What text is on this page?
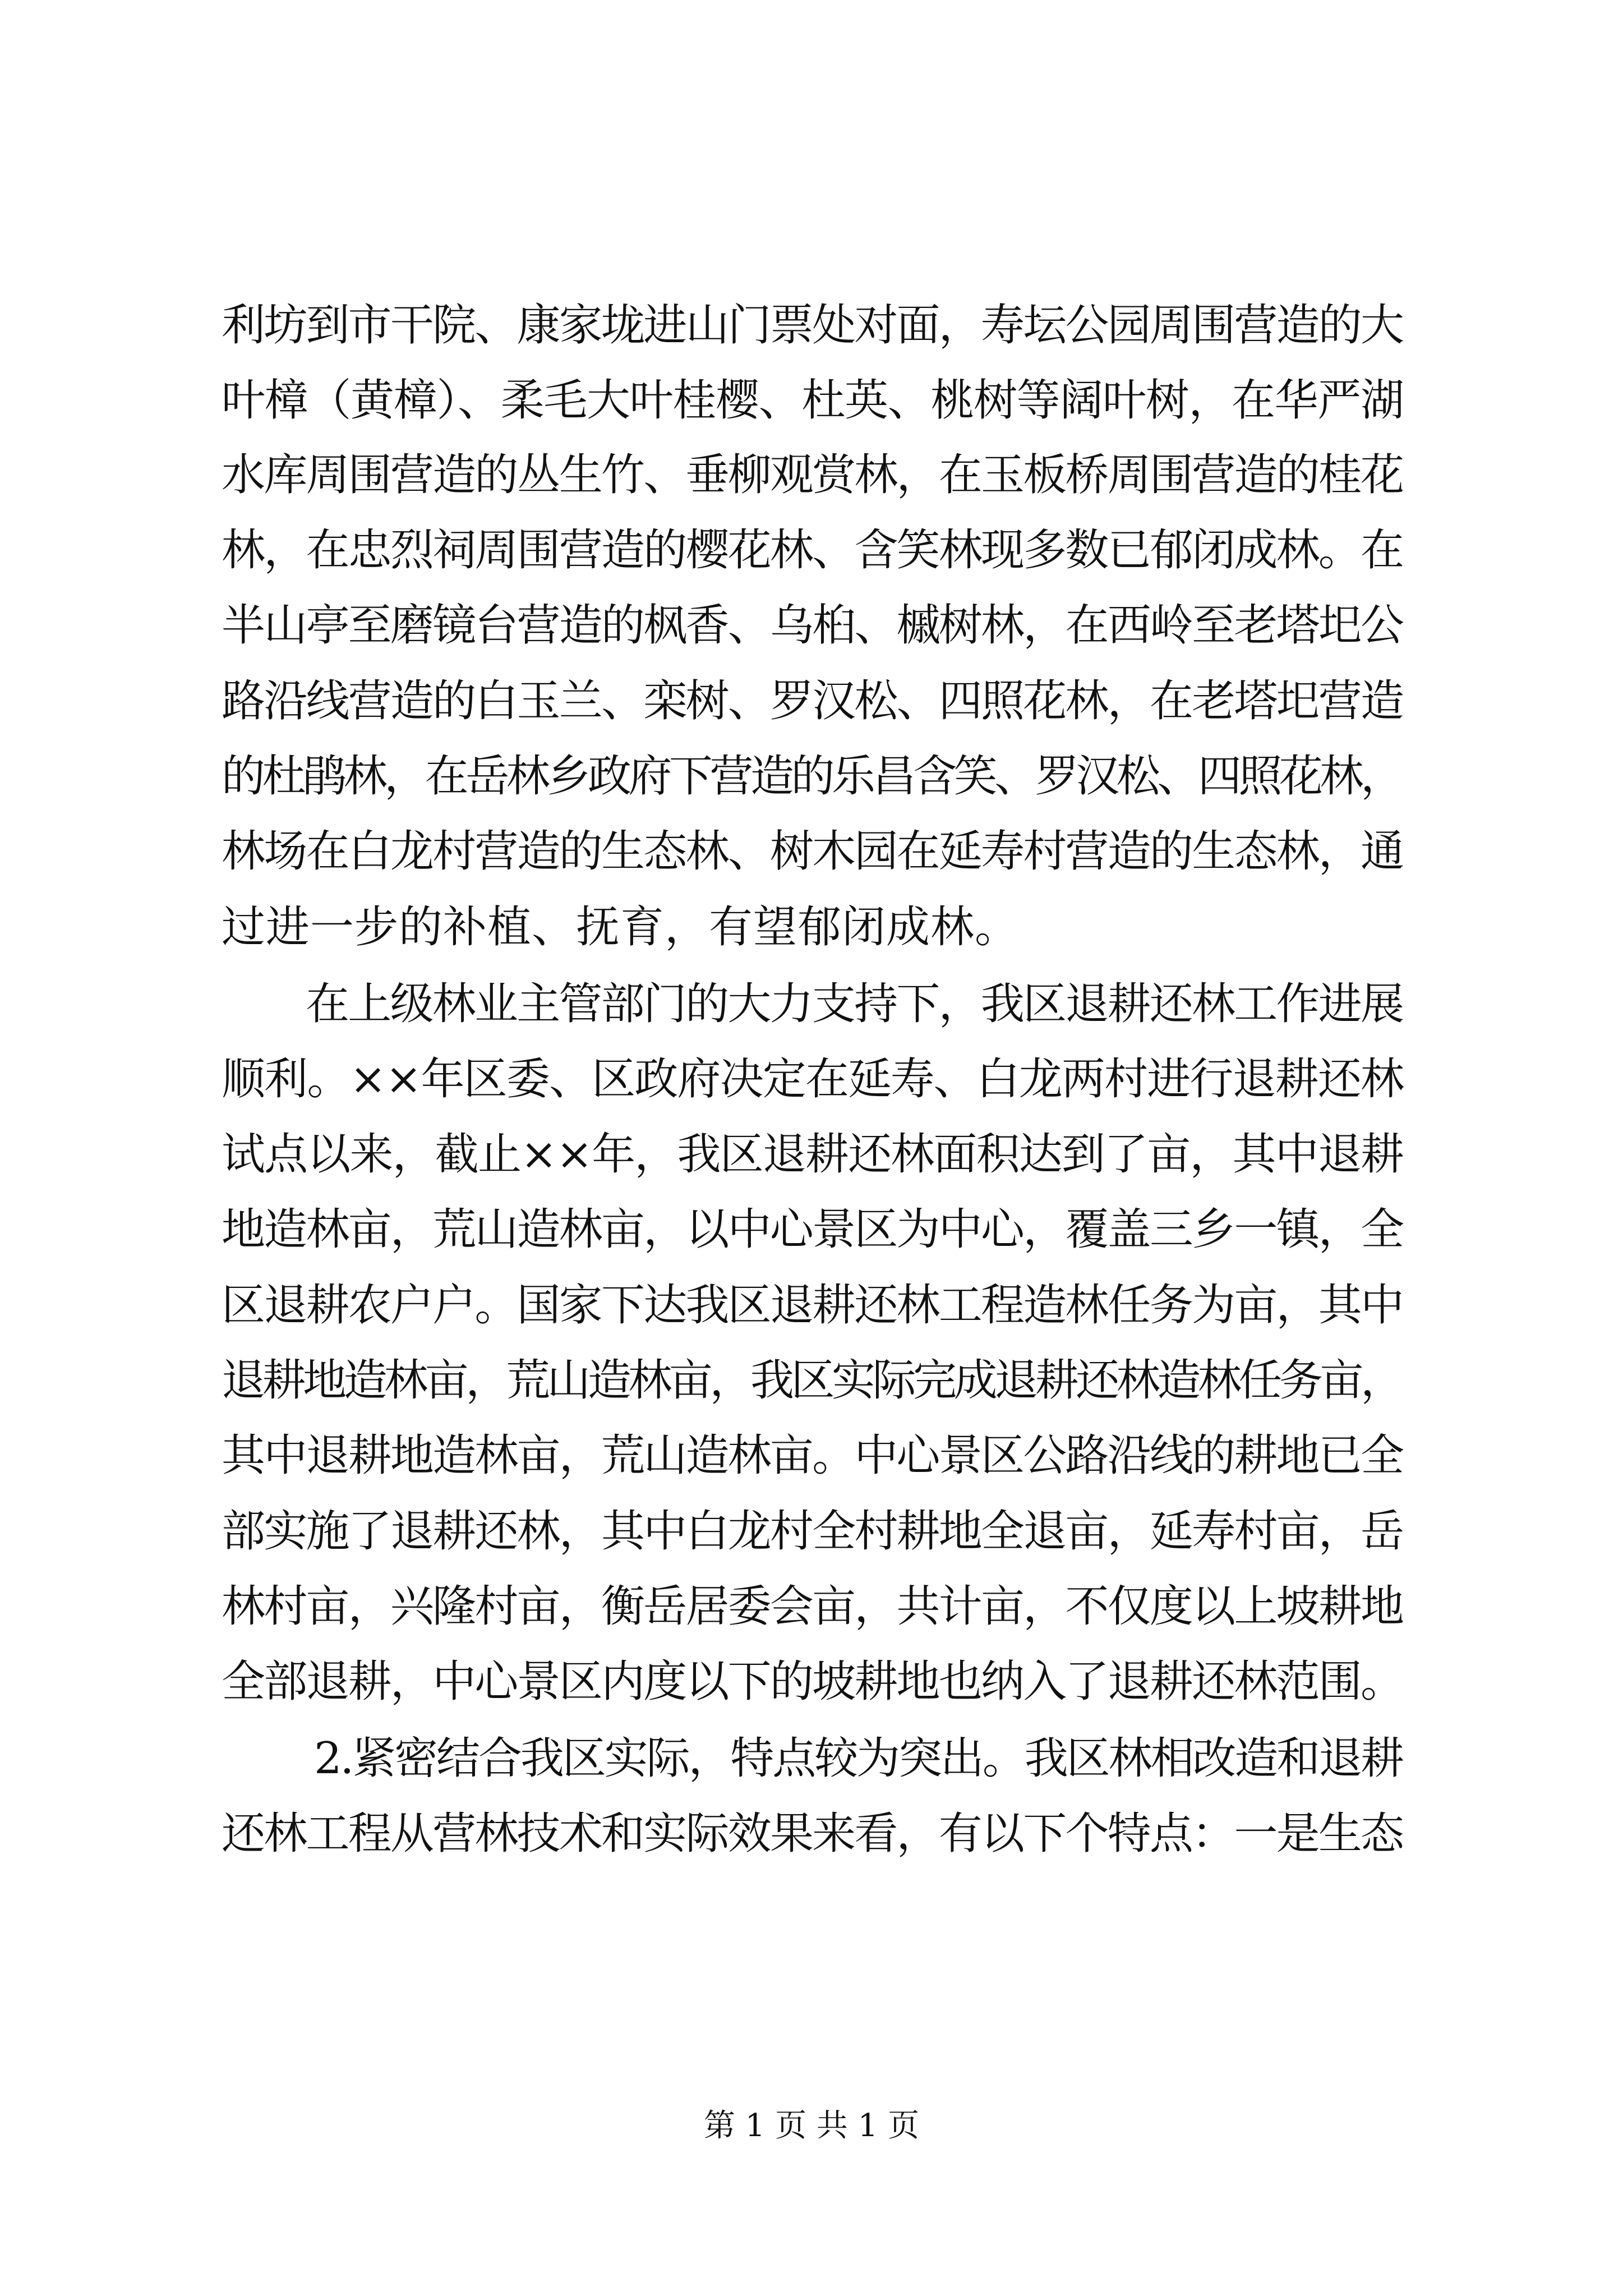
利坊到市干院、康家垅进山门票处对面，寿坛公园周围营造的大
叶樟（黄樟）、柔毛大叶桂樱、杜英、桃树等阔叶树，在华严湖
水库周围营造的丛生竹、垂柳观赏林，在玉板桥周围营造的桂花
林，在忠烈祠周围营造的樱花林、含笑林现多数已郁闭成林。在
半山亭至磨镜台营造的枫香、乌桕、槭树林，在西岭至老塔圯公
路沿线营造的白玉兰、栾树、罗汉松、四照花林，在老塔圯营造
的杜鹃林，在岳林乡政府下营造的乐昌含笑、罗汉松、四照花林，
林场在白龙村营造的生态林、树木园在延寿村营造的生态林，通
过进一步的补植、抚育，有望郁闭成林。
在上级林业主管部门的大力支持下，我区退耕还林工作进展
顺利。××年区委、区政府决定在延寿、白龙两村进行退耕还林
试点以来，截止××年，我区退耕还林面积达到了亩，其中退耕
地造林亩，荒山造林亩，以中心景区为中心，覆盖三乡一镇，全
区退耕农户户。国家下达我区退耕还林工程造林任务为亩，其中
退耕地造林亩，荒山造林亩，我区实际完成退耕还林造林任务亩，
其中退耕地造林亩，荒山造林亩。中心景区公路沿线的耕地已全
部实施了退耕还林，其中白龙村全村耕地全退亩，延寿村亩，岳
林村亩，兴隆村亩，衡岳居委会亩，共计亩，不仅度以上坡耕地
全部退耕，中心景区内度以下的坡耕地也纳入了退耕还林范围。
2.紧密结合我区实际，特点较为突出。我区林相改造和退耕
还林工程从营林技术和实际效果来看，有以下个特点：一是生态
第 1 页 共 1 页
